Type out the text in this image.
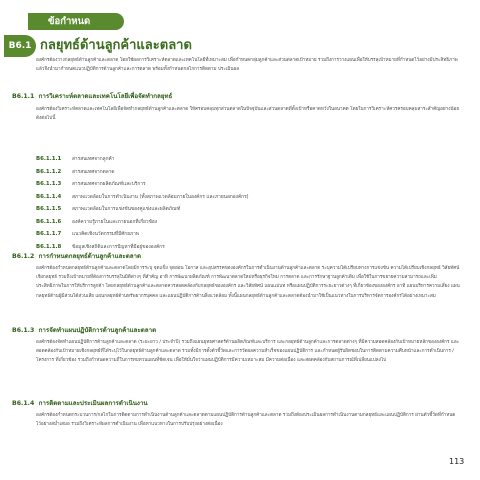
ข้อกำหนด
B6.1 กลยุทธ์ด้านลูกค้าและตลาด
องค์กรต้องวางกลยุทธ์ด้านลูกค้าและตลาด โดยใช้ผลการวิเคราะห์ตลาดและเทคโนโลยีที่เหมาะสม เพื่อกำหนดกลุ่มลูกค้าและส่วนตลาดเป้าหมาย รวมถึงการวางแผนเพื่อให้บรรลุเป้าหมายที่กำหนดไว้อย่างมีประสิทธิภาพ แล้วจึงนำมากำหนดแนวปฏิบัติการด้านลูกค้าและการตลาด พร้อมทั้งกำหนดกลไกการติดตาม ประเมินผล
B6.1.1 การวิเคราะห์ตลาดและเทคโนโลยีเพื่อจัดทำกลยุทธ์
องค์กรต้องวิเคราะห์ตลาดและเทคโนโลยีเพื่อจัดทำกลยุทธ์ด้านลูกค้าและตลาด ให้ครอบคลุมทุกส่วนตลาดในปัจจุบันและส่วนตลาดที่ตั้งเป้าหรือคาดหวังในอนาคต โดยในการวิเคราะห์ควรครอบคลุมสาระสำคัญอย่างน้อย ดังต่อไปนี้
B6.1.1.1	สารสนเทศจากลูกค้า
B6.1.1.2	สารสนเทศจากตลาด
B6.1.1.3	สารสนเทศจากผลิตภัณฑ์และบริการ
B6.1.1.4	สภาพแวดล้อมในการดำเนินงาน (ทั้งสภาพแวดล้อมภายในองค์กร และภายนอกองค์กร)
B6.1.1.5	สภาพแวดล้อมในการแข่งขันของคู่แข่งและผลิตภัณฑ์
B6.1.1.6	องค์ความรู้ภายในและภายนอกที่เกี่ยวข้อง
B6.1.1.7	แนวคิดเชิงนวัตกรรมที่มีศักยภาพ
B6.1.1.8	ข้อมูลเชิงสถิติและการปัญหาที่มีอยู่ขององค์กร
B6.1.2 การกำหนดกลยุทธ์ด้านลูกค้าและตลาด
องค์กรต้องกำหนดกลยุทธ์ด้านลูกค้าและตลาดโดยมีการระบุ จุดแข็ง จุดอ่อน โอกาส และอุปสรรคขององค์กรในการดำเนินงานด้านลูกค้าและตลาด ระบุความได้เปรียบทางการแข่งขัน ความได้เปรียบเชิงกลยุทธ์ วิสัยทัศน์เชิงกลยุทธ์ รวมถึงเป้าหมายที่ต้องการบรรลุในมิติต่างๆ ที่สำคัญ อาทิ การพัฒนาผลิตภัณฑ์ การพัฒนาตลาดใหม่หรือธุรกิจใหม่ การตลาด และการรักษาฐานลูกค้าเดิม เพื่อใช้ในการขยายความสามารถและเพิ่มประสิทธิภาพในการให้บริการลูกค้า โดยกลยุทธ์ด้านลูกค้าและตลาดควรสอดคล้องกับกลยุทธ์ขององค์กร และวิสัยทัศน์ แผนแม่บท หรือแผนปฏิบัติการระยะยาวต่างๆ ที่เกี่ยวข้องขององค์กร อาทิ แผนบริหารความเสี่ยง แผนกลยุทธ์ด้านผู้มีส่วนได้ส่วนเสีย แผนกลยุทธ์ด้านทรัพยากรบุคคล และแผนปฏิบัติการด้านสิ่งแวดล้อม ทั้งนี้แผนกลยุทธ์ด้านลูกค้าและตลาดต้องนำมาใช้เป็นแนวทางในการบริหารจัดการองค์กรได้อย่างเหมาะสม
B6.1.3 การจัดทำแผนปฏิบัติการด้านลูกค้าและตลาด
องค์กรต้องจัดทำแผนปฏิบัติการด้านลูกค้าและตลาด (ระยะยาว / ประจำปี) รวมถึงแผนยุทธศาสตร์ด้านผลิตภัณฑ์และบริการ และกลยุทธ์ด้านลูกค้าและการตลาดต่างๆ ที่มีความสอดคล้องกับเป้าหมายหลักขององค์กร และสอดคล้องกับเป้าหมายเชิงกลยุทธ์ที่ได้ระบุไว้ในกลยุทธ์ด้านลูกค้าและตลาด รวมทั้งมีการตั้งตัวชี้วัดและการวัดผลความสำเร็จของแผนปฏิบัติการ และกำหนดผู้รับผิดชอบในการติดตามความคืบหน้าและการดำเนินการ / โครงการ ที่เกี่ยวข้อง รวมถึงกำหนดความถี่ในการทบทวนแผนที่ชัดเจน เพื่อให้มั่นใจว่าแผนปฏิบัติการมีความเหมาะสม มีความต่อเนื่อง และสอดคล้องกับสถานการณ์ที่เปลี่ยนแปลงไป
B6.1.4 การติดตามและประเมินผลการดำเนินงาน
องค์กรต้องกำหนดกระบวนการ/กลไกในการติดตามการดำเนินงานด้านลูกค้าและตลาดตามแผนปฏิบัติการด้านลูกค้าและตลาด รวมถึงต้องประเมินผลการดำเนินงานตามกลยุทธ์และแผนปฏิบัติการ ผ่านตัวชี้วัดที่กำหนดไว้อย่างสม่ำเสมอ รวมถึงวิเคราะห์ผลการดำเนินงาน เพื่อหาแนวทางในการปรับปรุงอย่างต่อเนื่อง
113
